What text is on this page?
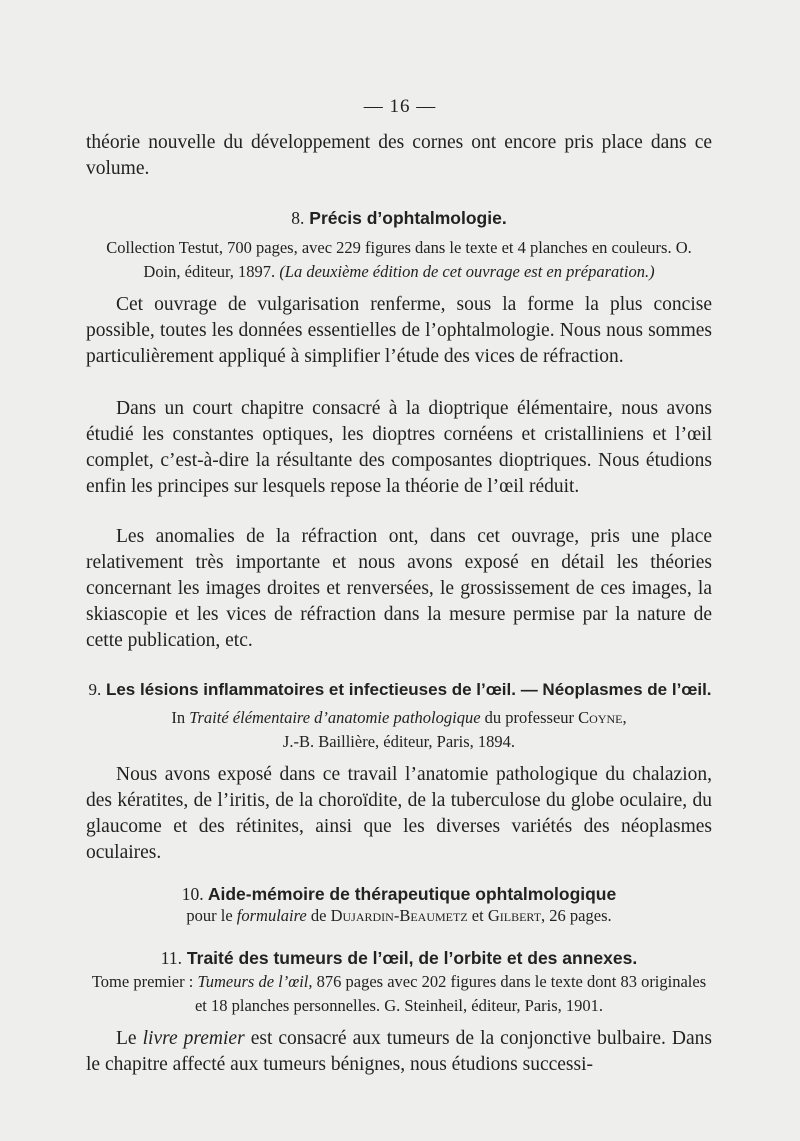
— 16 —

théorie nouvelle du développement des cornes ont encore pris place dans ce volume.

8. Précis d’ophtalmologie.
Collection Testut, 700 pages, avec 229 figures dans le texte et 4 planches en couleurs. O. Doin, éditeur, 1897. (La deuxième édition de cet ouvrage est en préparation.)

Cet ouvrage de vulgarisation renferme, sous la forme la plus concise possible, toutes les données essentielles de l’ophtalmologie. Nous nous sommes particulièrement appliqué à simplifier l’étude des vices de réfraction.

Dans un court chapitre consacré à la dioptrique élémentaire, nous avons étudié les constantes optiques, les dioptres cornéens et cristalliniens et l’œil complet, c’est-à-dire la résultante des composantes dioptriques. Nous étudions enfin les principes sur lesquels repose la théorie de l’œil réduit.

Les anomalies de la réfraction ont, dans cet ouvrage, pris une place relativement très importante et nous avons exposé en détail les théories concernant les images droites et renversées, le grossissement de ces images, la skiascopie et les vices de réfraction dans la mesure permise par la nature de cette publication, etc.

9. Les lésions inflammatoires et infectieuses de l’œil. — Néoplasmes de l’œil.
In Traité élémentaire d’anatomie pathologique du professeur Coyne,
J.-B. Baillière, éditeur, Paris, 1894.

Nous avons exposé dans ce travail l’anatomie pathologique du chalazion, des kératites, de l’iritis, de la choroïdite, de la tuberculose du globe oculaire, du glaucome et des rétinites, ainsi que les diverses variétés des néoplasmes oculaires.

10. Aide-mémoire de thérapeutique ophtalmologique
pour le formulaire de Dujardin-Beaumetz et Gilbert, 26 pages.
11. Traité des tumeurs de l’œil, de l’orbite et des annexes.
Tome premier : Tumeurs de l’œil, 876 pages avec 202 figures dans le texte dont 83 originales et 18 planches personnelles. G. Steinheil, éditeur, Paris, 1901.

Le livre premier est consacré aux tumeurs de la conjonctive bulbaire. Dans le chapitre affecté aux tumeurs bénignes, nous étudions successi-
